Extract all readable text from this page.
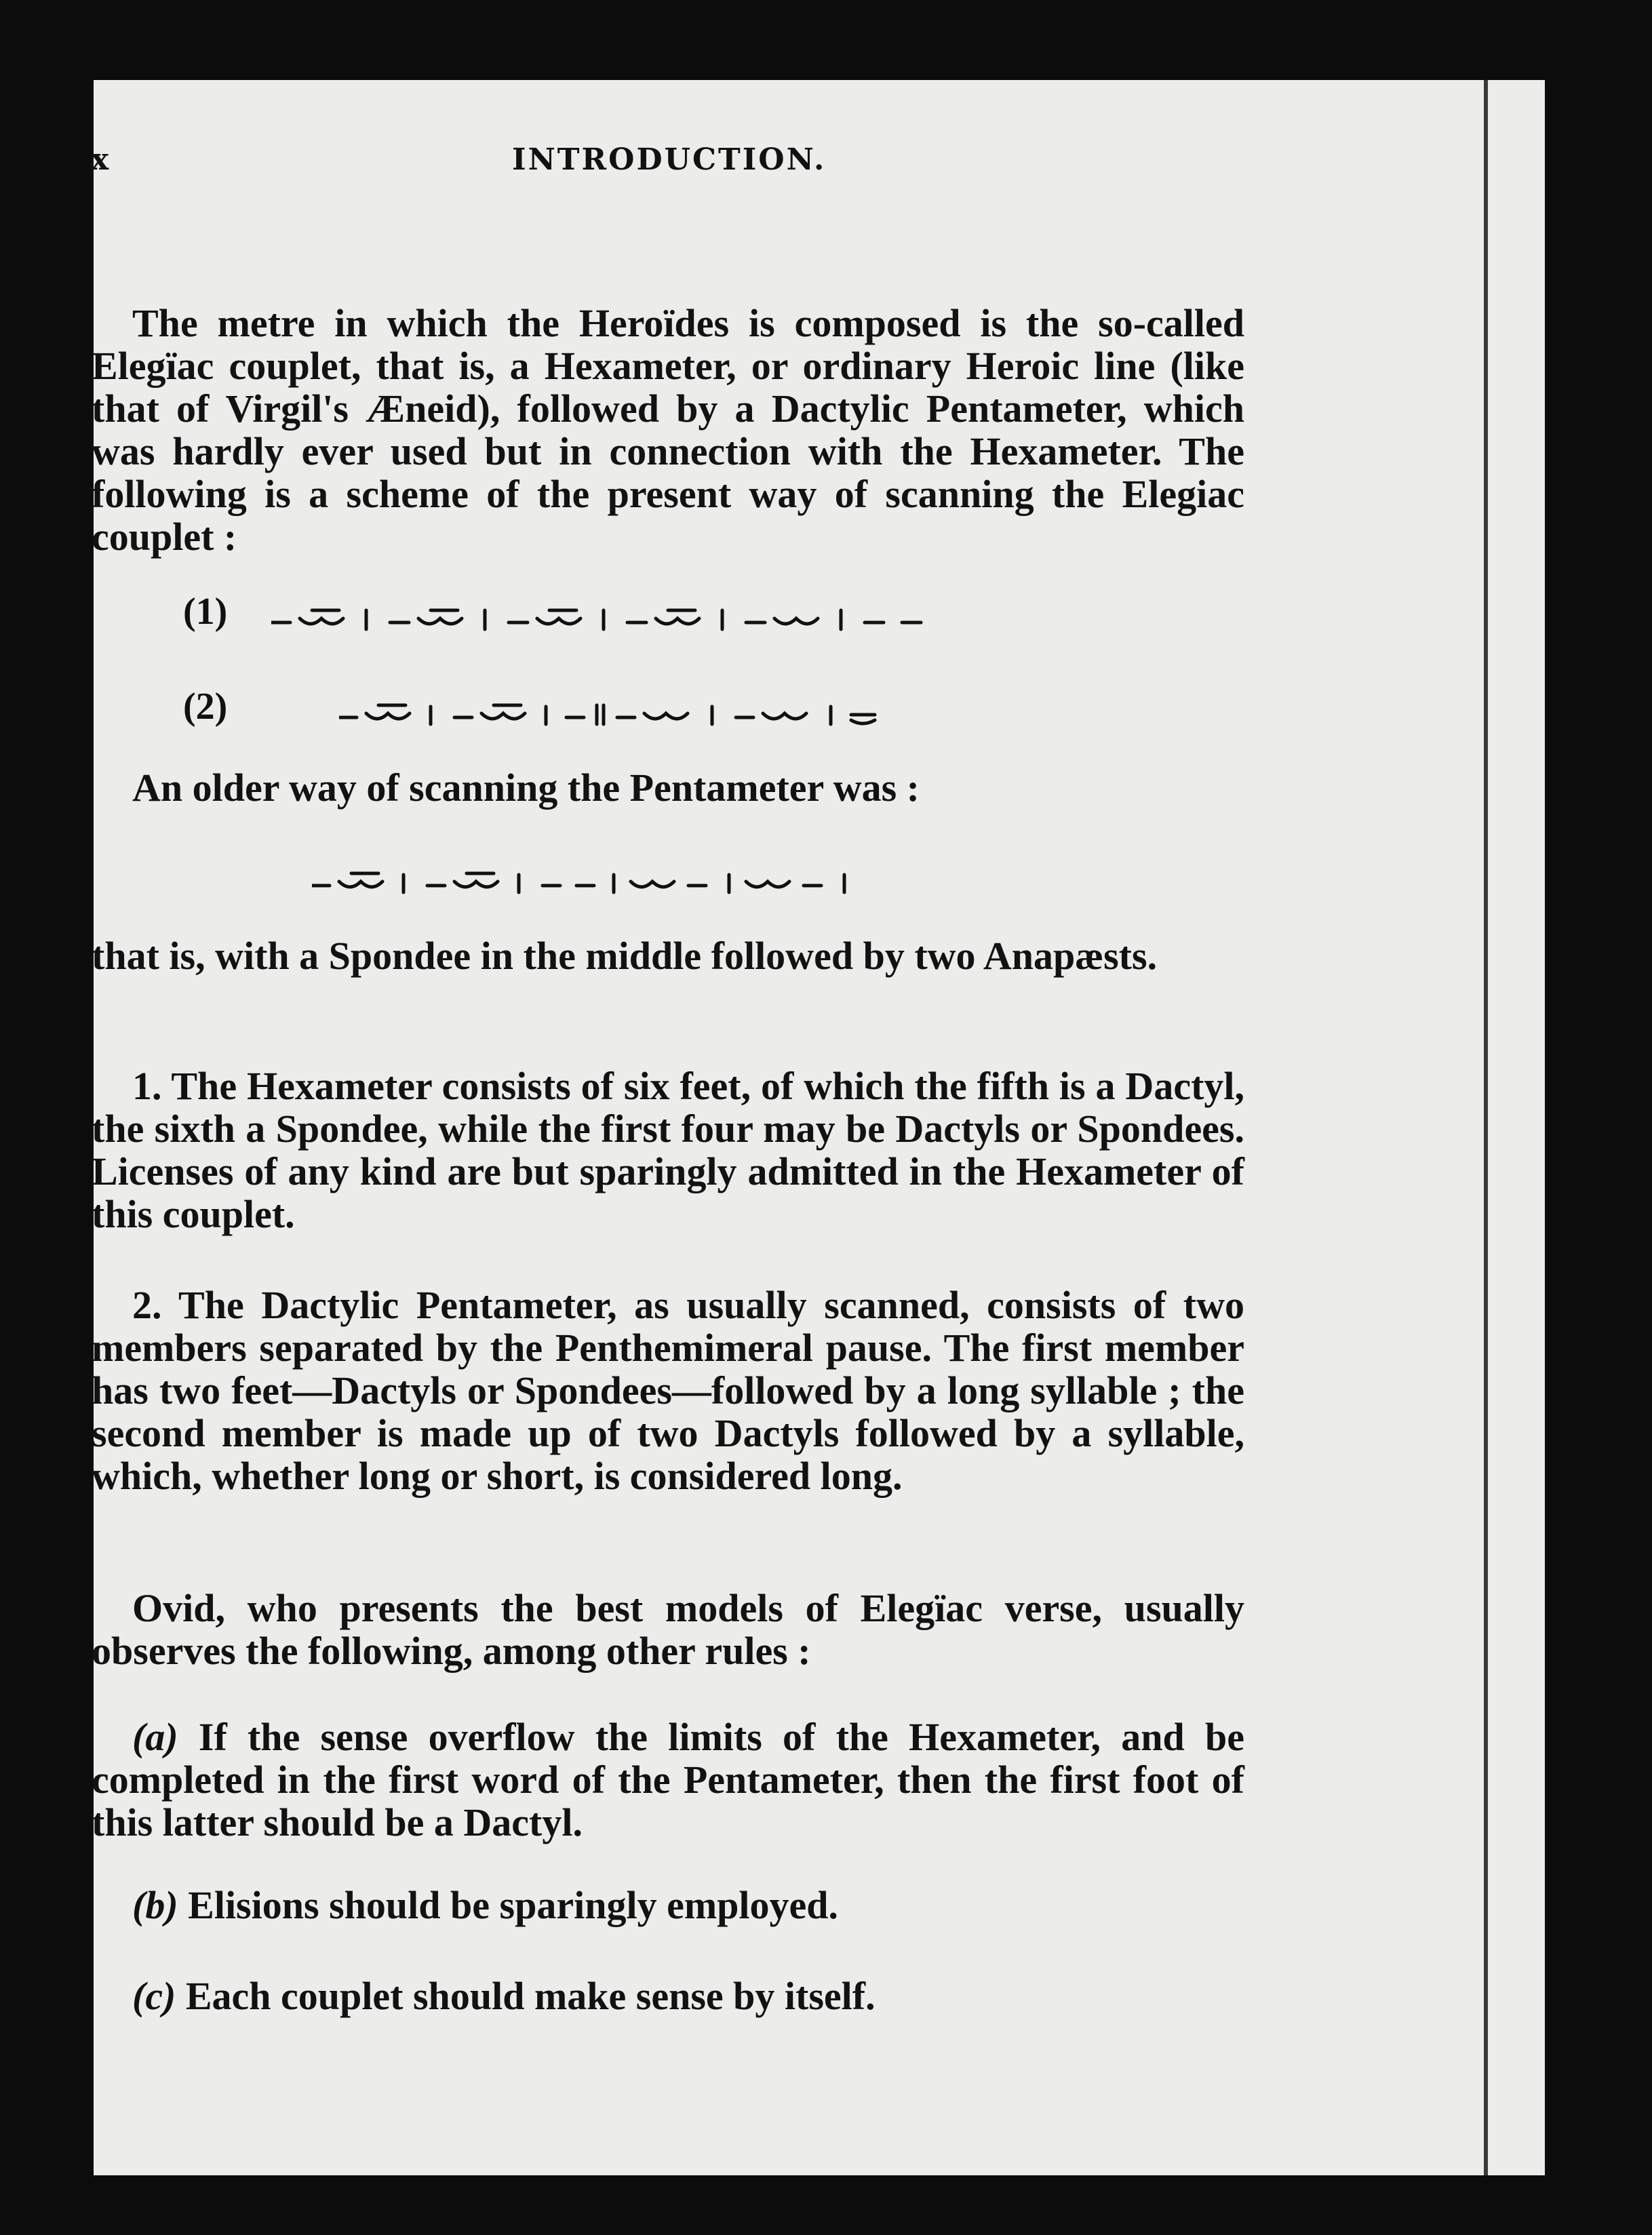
x	INTRODUCTION.

The metre in which the Heroïdes is composed is the so-called Elegïac couplet, that is, a Hexameter, or ordinary Heroic line (like that of Virgil's Æneid), followed by a Dactylic Pentameter, which was hardly ever used but in connection with the Hexameter. The following is a scheme of the present way of scanning the Elegiac couplet :

(1)
(2)

An older way of scanning the Pentameter was :

that is, with a Spondee in the middle followed by two Anapæsts.

1. The Hexameter consists of six feet, of which the fifth is a Dactyl, the sixth a Spondee, while the first four may be Dactyls or Spondees. Licenses of any kind are but sparingly admitted in the Hexameter of this couplet.

2. The Dactylic Pentameter, as usually scanned, consists of two members separated by the Penthemimeral pause. The first member has two feet—Dactyls or Spondees—followed by a long syllable ; the second member is made up of two Dactyls followed by a syllable, which, whether long or short, is considered long.

Ovid, who presents the best models of Elegïac verse, usually observes the following, among other rules :

(a) If the sense overflow the limits of the Hexameter, and be completed in the first word of the Pentameter, then the first foot of this latter should be a Dactyl.

(b) Elisions should be sparingly employed.

(c) Each couplet should make sense by itself.
